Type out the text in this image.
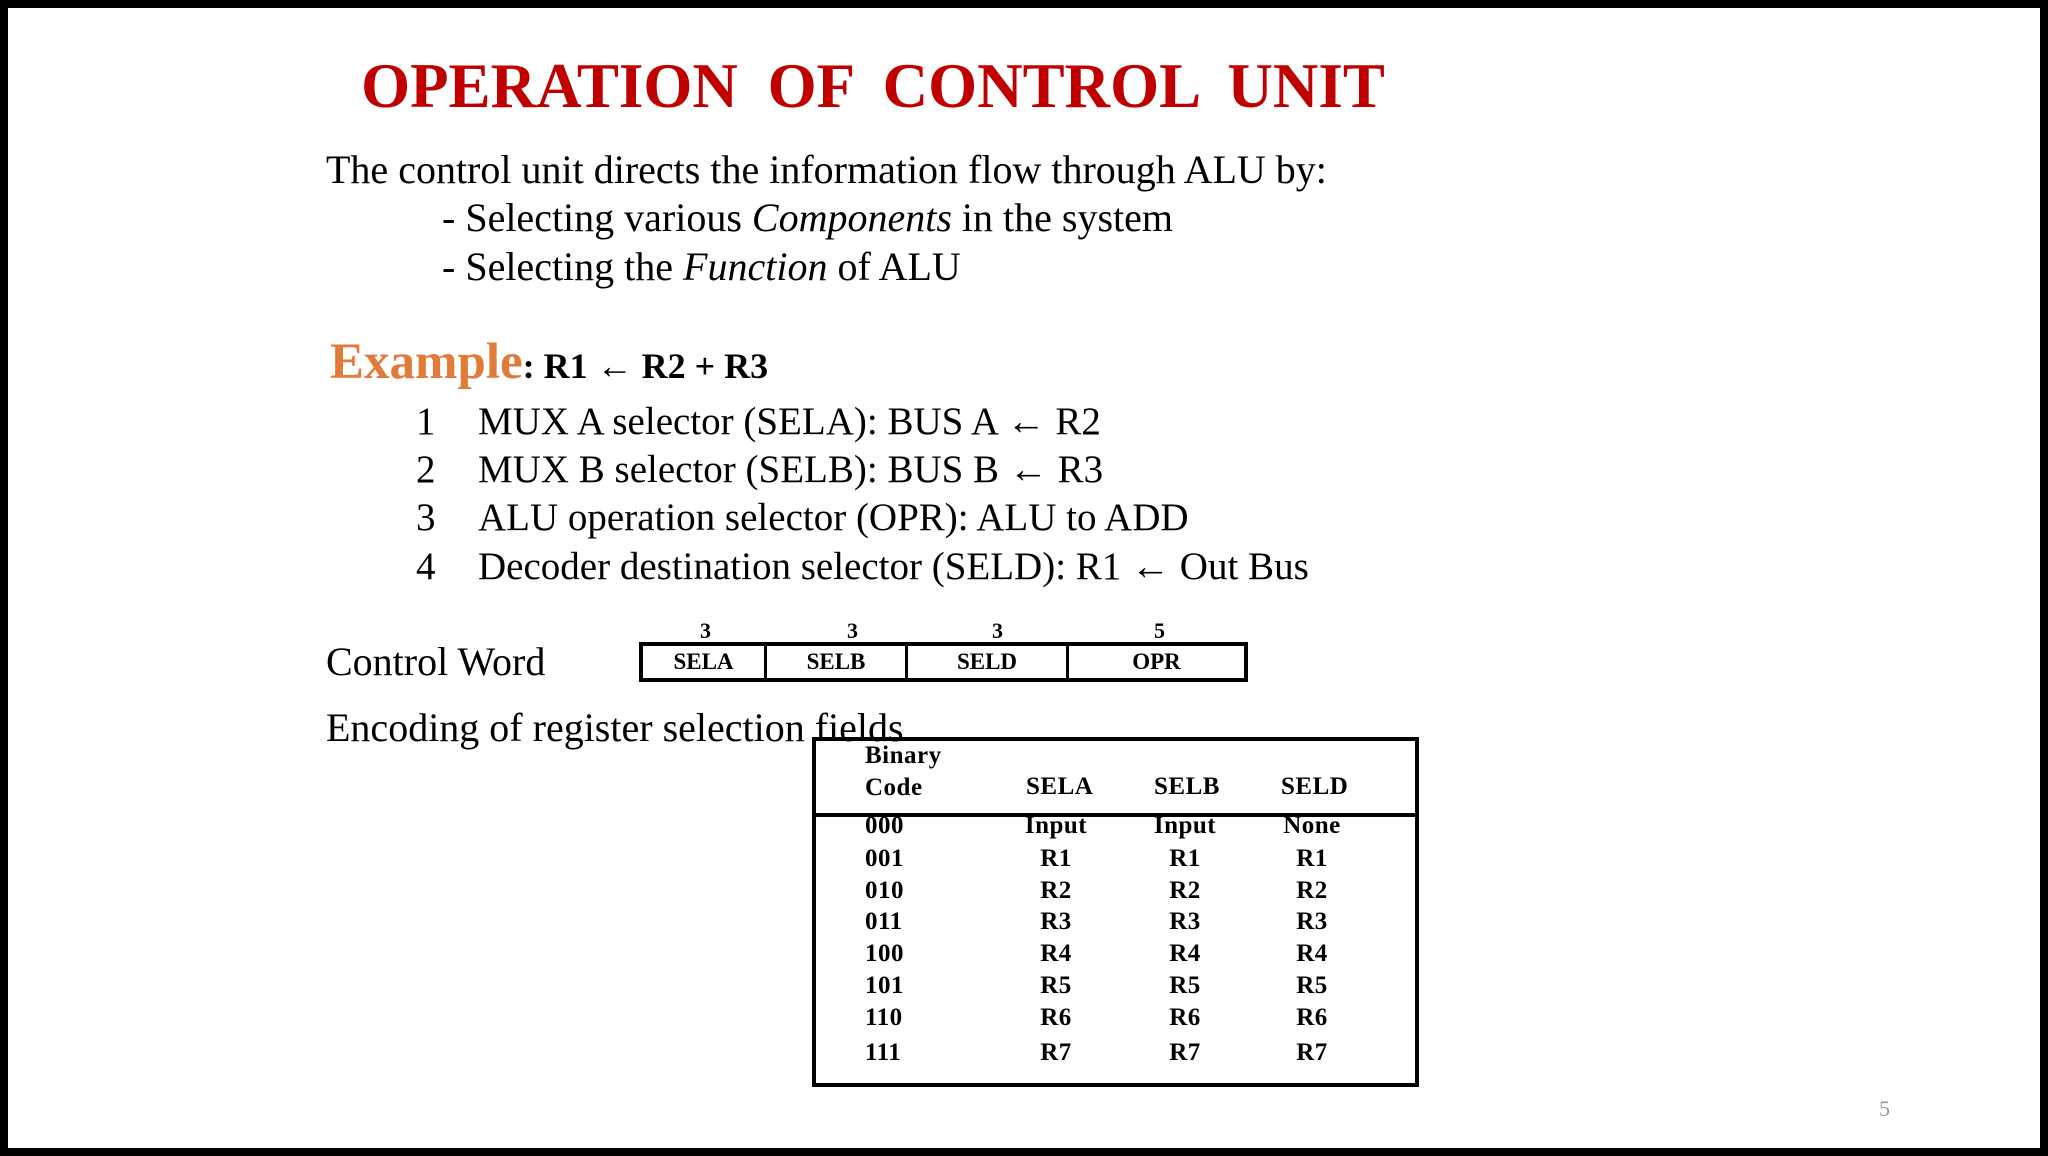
OPERATION OF CONTROL UNIT
The control unit directs the information flow through ALU by:
- Selecting various Components in the system
- Selecting the Function of ALU
Example: R1 ← R2 + R3
1 MUX A selector (SELA): BUS A ← R2
2 MUX B selector (SELB): BUS B ← R3
3 ALU operation selector (OPR): ALU to ADD
4 Decoder destination selector (SELD): R1 ← Out Bus
Control Word
3	3	3	5
SELA	SELB	SELD	OPR
Encoding of register selection fields
Binary
Code	SELA SELB SELD
000	Input	Input	None
001	R1	R1	R1
010	R2	R2	R2
011	R3	R3	R3
100	R4	R4	R4
101	R5	R5	R5
110	R6	R6	R6
111	R7	R7	R7
5
